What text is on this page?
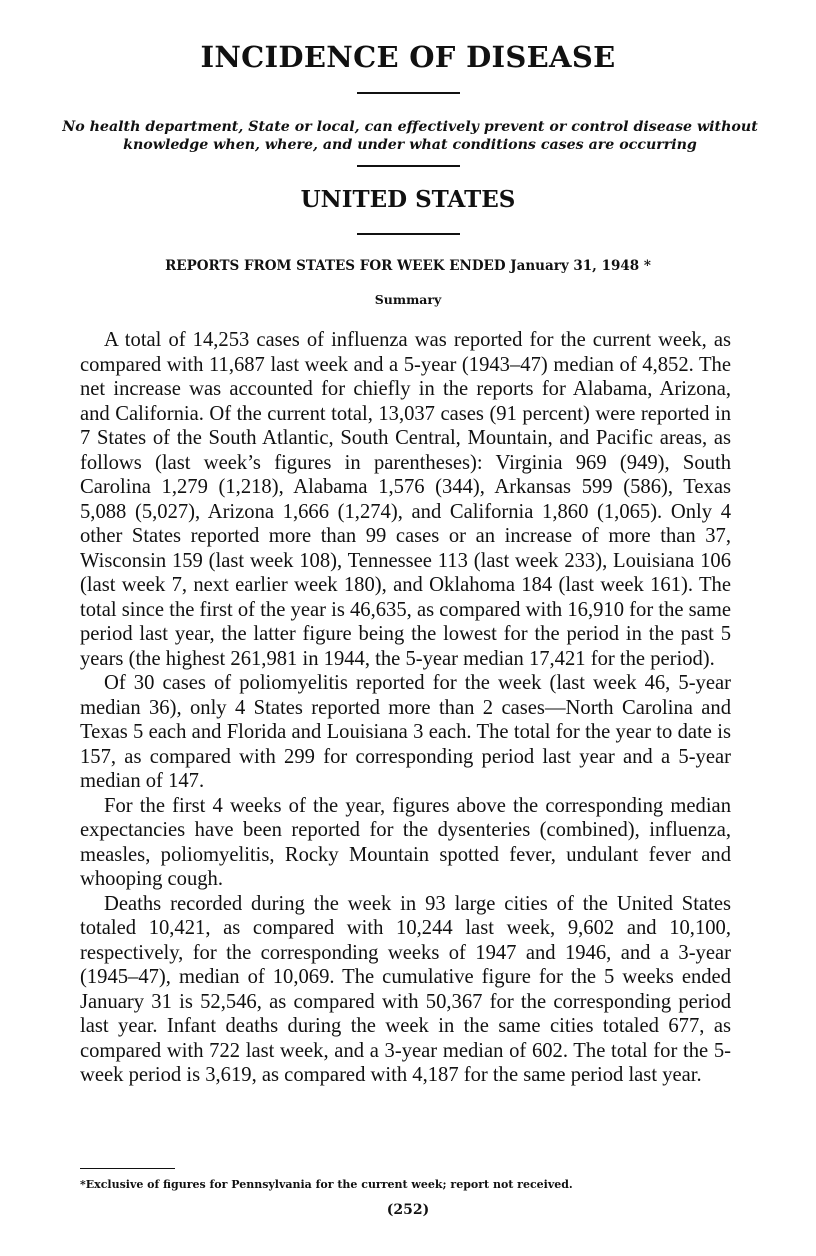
INCIDENCE OF DISEASE
No health department, State or local, can effectively prevent or control disease without knowledge when, where, and under what conditions cases are occurring
UNITED STATES
REPORTS FROM STATES FOR WEEK ENDED January 31, 1948 *
Summary

A total of 14,253 cases of influenza was reported for the current week, as compared with 11,687 last week and a 5-year (1943–47) median of 4,852. The net increase was accounted for chiefly in the reports for Alabama, Arizona, and California. Of the current total, 13,037 cases (91 percent) were reported in 7 States of the South Atlantic, South Central, Mountain, and Pacific areas, as follows (last week’s figures in parentheses): Virginia 969 (949), South Carolina 1,279 (1,218), Alabama 1,576 (344), Arkansas 599 (586), Texas 5,088 (5,027), Arizona 1,666 (1,274), and California 1,860 (1,065). Only 4 other States reported more than 99 cases or an increase of more than 37, Wisconsin 159 (last week 108), Tennessee 113 (last week 233), Louisiana 106 (last week 7, next earlier week 180), and Oklahoma 184 (last week 161). The total since the first of the year is 46,635, as compared with 16,910 for the same period last year, the latter figure being the lowest for the period in the past 5 years (the highest 261,981 in 1944, the 5-year median 17,421 for the period).

Of 30 cases of poliomyelitis reported for the week (last week 46, 5-year median 36), only 4 States reported more than 2 cases—North Carolina and Texas 5 each and Florida and Louisiana 3 each. The total for the year to date is 157, as compared with 299 for corresponding period last year and a 5-year median of 147.

For the first 4 weeks of the year, figures above the corresponding median expectancies have been reported for the dysenteries (combined), influenza, measles, poliomyelitis, Rocky Mountain spotted fever, undulant fever and whooping cough.

Deaths recorded during the week in 93 large cities of the United States totaled 10,421, as compared with 10,244 last week, 9,602 and 10,100, respectively, for the corresponding weeks of 1947 and 1946, and a 3-year (1945–47), median of 10,069. The cumulative figure for the 5 weeks ended January 31 is 52,546, as compared with 50,367 for the corresponding period last year. Infant deaths during the week in the same cities totaled 677, as compared with 722 last week, and a 3-year median of 602. The total for the 5-week period is 3,619, as compared with 4,187 for the same period last year.

*Exclusive of figures for Pennsylvania for the current week; report not received.
(252)
